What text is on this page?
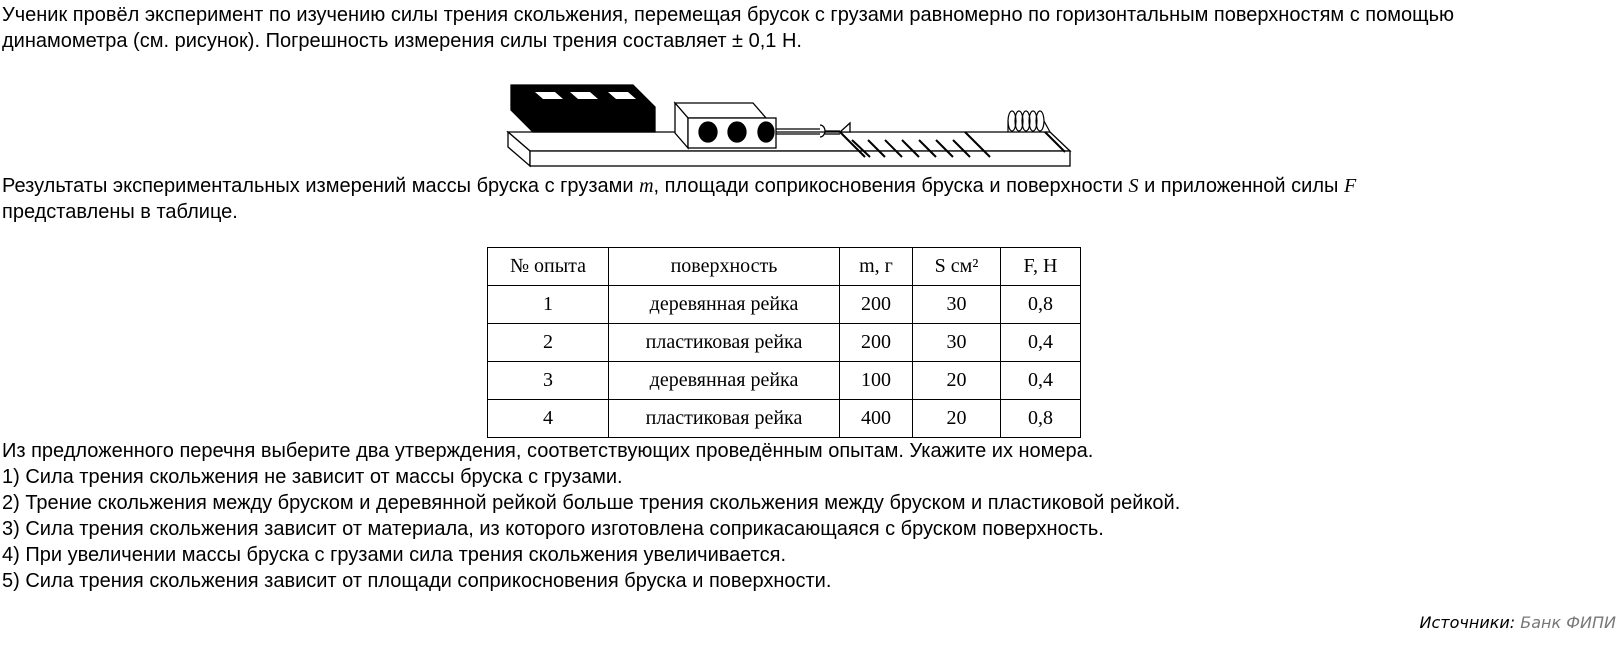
Ученик провёл эксперимент по изучению силы трения скольжения, перемещая брусок с грузами равномерно по горизонтальным поверхностям с помощью
динамометра (см. рисунок). Погрешность измерения силы трения составляет ± 0,1 Н.
Результаты экспериментальных измерений массы бруска с грузами m, площади соприкосновения бруска и поверхности S и приложенной силы F
представлены в таблице.
№ опыта	поверхность	m, г	S см²	F, Н
1	деревянная рейка	200	30	0,8
2	пластиковая рейка	200	30	0,4
3	деревянная рейка	100	20	0,4
4	пластиковая рейка	400	20	0,8
Из предложенного перечня выберите два утверждения, соответствующих проведённым опытам. Укажите их номера.
1) Сила трения скольжения не зависит от массы бруска с грузами.
2) Трение скольжения между бруском и деревянной рейкой больше трения скольжения между бруском и пластиковой рейкой.
3) Сила трения скольжения зависит от материала, из которого изготовлена соприкасающаяся с бруском поверхность.
4) При увеличении массы бруска с грузами сила трения скольжения увеличивается.
5) Сила трения скольжения зависит от площади соприкосновения бруска и поверхности.
Источники: Банк ФИПИ
